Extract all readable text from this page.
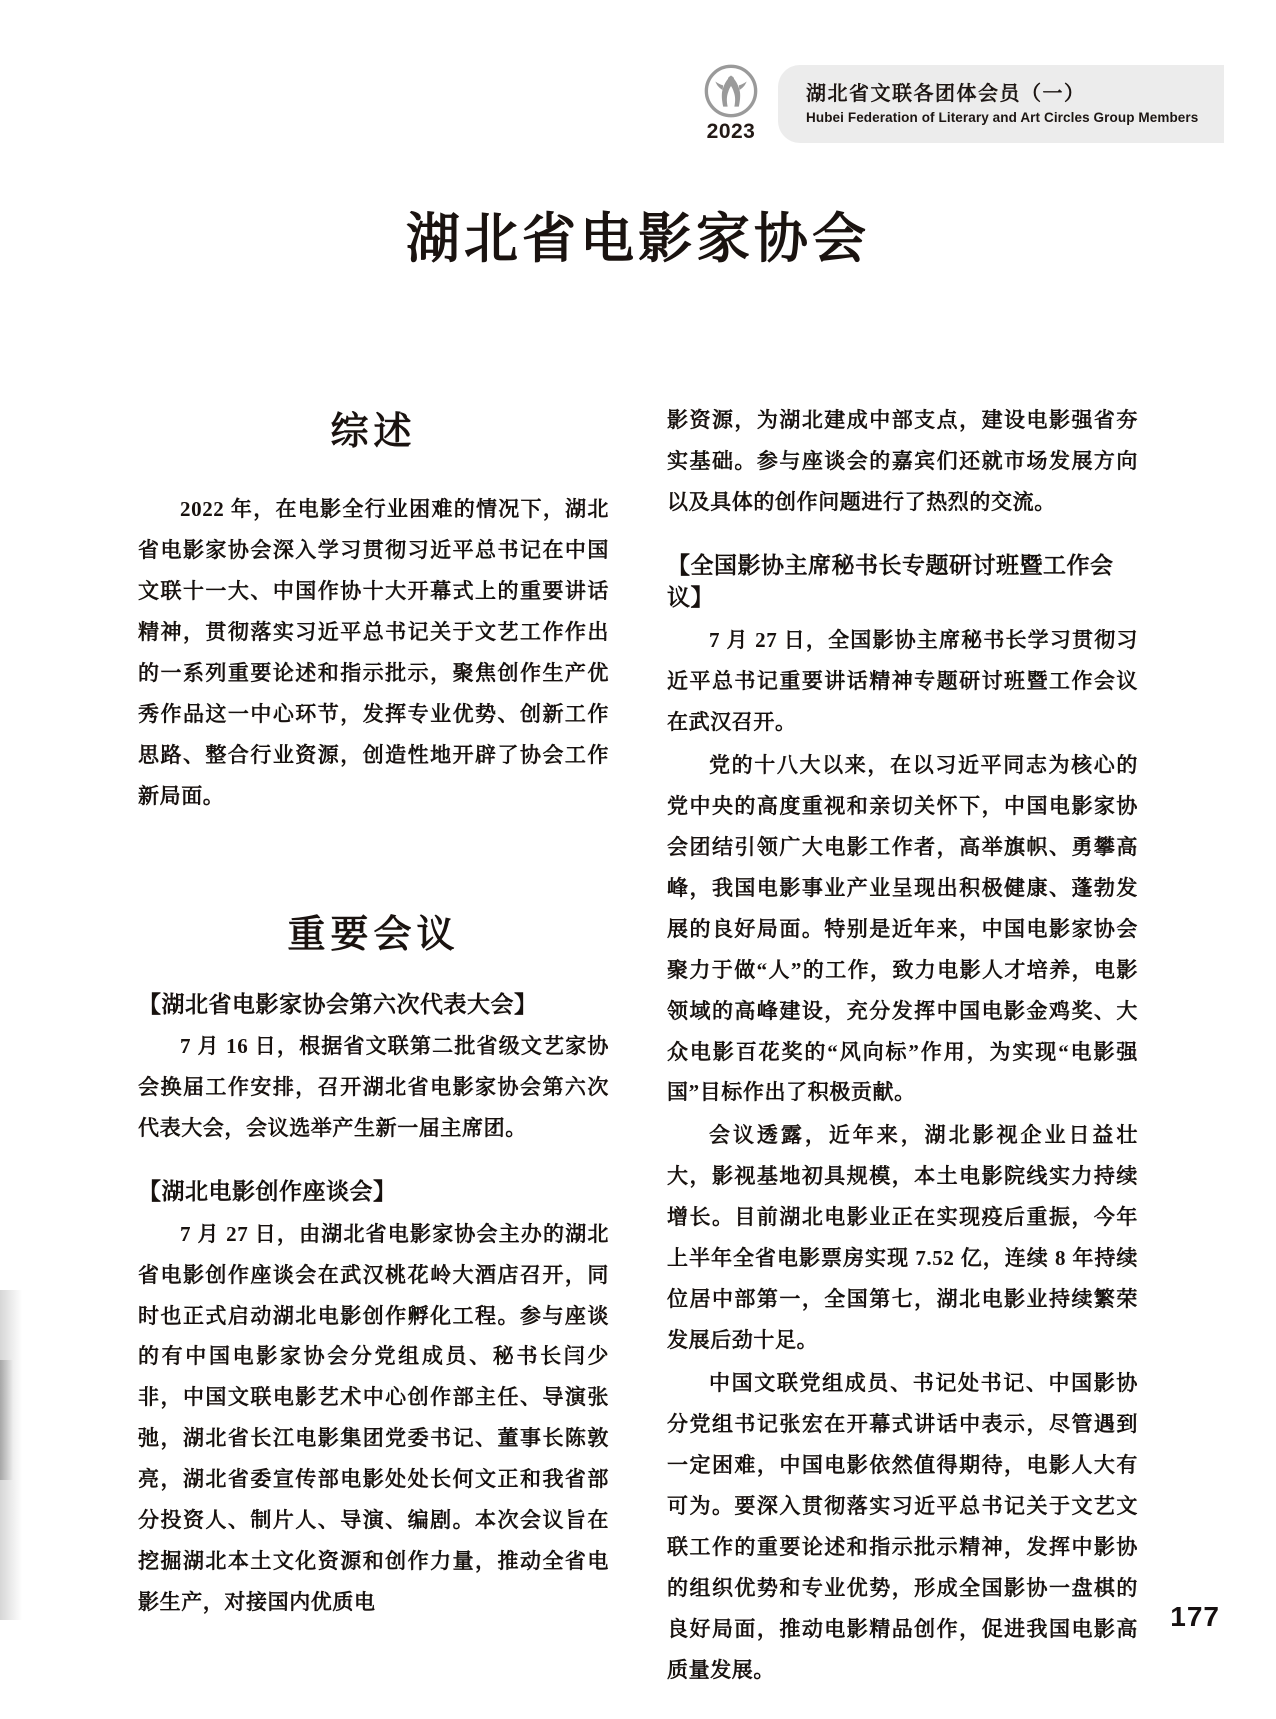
2023
湖北省文联各团体会员（一）
Hubei Federation of Literary and Art Circles Group Members
湖北省电影家协会
综述

2022 年，在电影全行业困难的情况下，湖北省电影家协会深入学习贯彻习近平总书记在中国文联十一大、中国作协十大开幕式上的重要讲话精神，贯彻落实习近平总书记关于文艺工作作出的一系列重要论述和指示批示，聚焦创作生产优秀作品这一中心环节，发挥专业优势、创新工作思路、整合行业资源，创造性地开辟了协会工作新局面。

重要会议
【湖北省电影家协会第六次代表大会】

7 月 16 日，根据省文联第二批省级文艺家协会换届工作安排，召开湖北省电影家协会第六次代表大会，会议选举产生新一届主席团。

【湖北电影创作座谈会】

7 月 27 日，由湖北省电影家协会主办的湖北省电影创作座谈会在武汉桃花岭大酒店召开，同时也正式启动湖北电影创作孵化工程。参与座谈的有中国电影家协会分党组成员、秘书长闫少非，中国文联电影艺术中心创作部主任、导演张弛，湖北省长江电影集团党委书记、董事长陈敦亮，湖北省委宣传部电影处处长何文正和我省部分投资人、制片人、导演、编剧。本次会议旨在挖掘湖北本土文化资源和创作力量，推动全省电影生产，对接国内优质电

影资源，为湖北建成中部支点，建设电影强省夯实基础。参与座谈会的嘉宾们还就市场发展方向以及具体的创作问题进行了热烈的交流。

【全国影协主席秘书长专题研讨班暨工作会议】

7 月 27 日，全国影协主席秘书长学习贯彻习近平总书记重要讲话精神专题研讨班暨工作会议在武汉召开。

党的十八大以来，在以习近平同志为核心的党中央的高度重视和亲切关怀下，中国电影家协会团结引领广大电影工作者，高举旗帜、勇攀高峰，我国电影事业产业呈现出积极健康、蓬勃发展的良好局面。特别是近年来，中国电影家协会聚力于做“人”的工作，致力电影人才培养，电影领域的高峰建设，充分发挥中国电影金鸡奖、大众电影百花奖的“风向标”作用，为实现“电影强国”目标作出了积极贡献。

会议透露，近年来，湖北影视企业日益壮大，影视基地初具规模，本土电影院线实力持续增长。目前湖北电影业正在实现疫后重振，今年上半年全省电影票房实现 7.52 亿，连续 8 年持续位居中部第一，全国第七，湖北电影业持续繁荣发展后劲十足。

中国文联党组成员、书记处书记、中国影协分党组书记张宏在开幕式讲话中表示，尽管遇到一定困难，中国电影依然值得期待，电影人大有可为。要深入贯彻落实习近平总书记关于文艺文联工作的重要论述和指示批示精神，发挥中影协的组织优势和专业优势，形成全国影协一盘棋的良好局面，推动电影精品创作，促进我国电影高质量发展。

177
